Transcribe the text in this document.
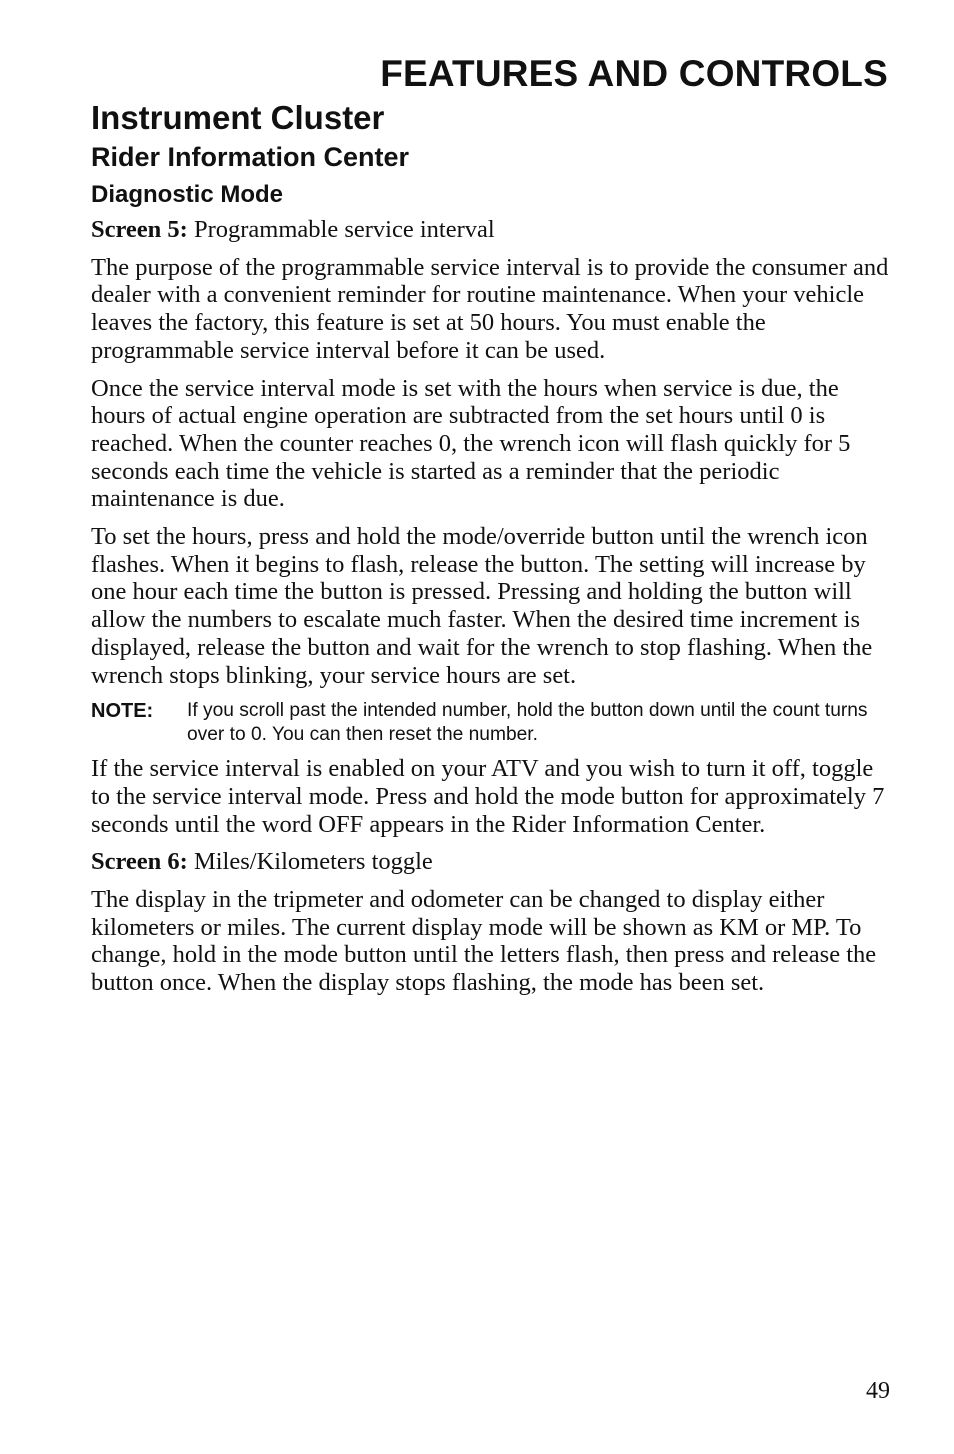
FEATURES AND CONTROLS
Instrument Cluster
Rider Information Center
Diagnostic Mode

Screen 5: Programmable service interval

The purpose of the programmable service interval is to provide the consumer and dealer with a convenient reminder for routine maintenance. When your vehicle leaves the factory, this feature is set at 50 hours. You must enable the programmable service interval before it can be used.

Once the service interval mode is set with the hours when service is due, the hours of actual engine operation are subtracted from the set hours until 0 is reached. When the counter reaches 0, the wrench icon will flash quickly for 5 seconds each time the vehicle is started as a reminder that the periodic maintenance is due.

To set the hours, press and hold the mode/override button until the wrench icon flashes. When it begins to flash, release the button. The setting will increase by one hour each time the button is pressed. Pressing and holding the button will allow the numbers to escalate much faster. When the desired time increment is displayed, release the button and wait for the wrench to stop flashing. When the wrench stops blinking, your service hours are set.

NOTE:	If you scroll past the intended number, hold the button down until the count turns over to 0. You can then reset the number.

If the service interval is enabled on your ATV and you wish to turn it off, toggle to the service interval mode. Press and hold the mode button for approximately 7 seconds until the word OFF appears in the Rider Information Center.

Screen 6: Miles/Kilometers toggle

The display in the tripmeter and odometer can be changed to display either kilometers or miles. The current display mode will be shown as KM or MP. To change, hold in the mode button until the letters flash, then press and release the button once. When the display stops flashing, the mode has been set.

49
